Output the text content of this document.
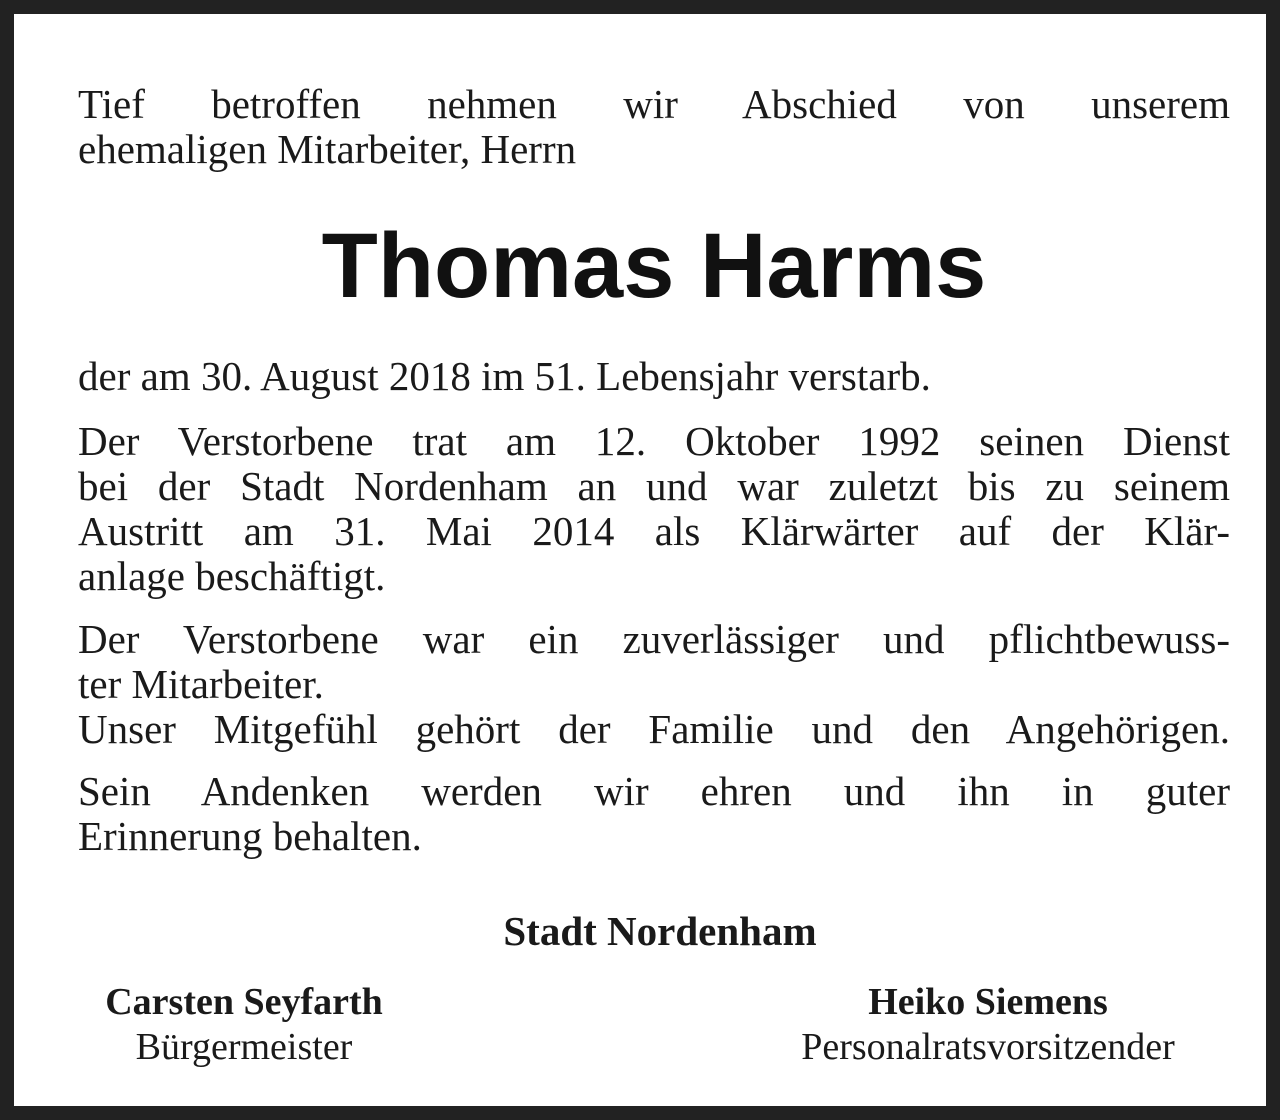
Tief betroffen nehmen wir Abschied von unserem
ehemaligen Mitarbeiter, Herrn
Thomas Harms
der am 30. August 2018 im 51. Lebensjahr verstarb.
Der Verstorbene trat am 12. Oktober 1992 seinen Dienst
bei der Stadt Nordenham an und war zuletzt bis zu seinem
Austritt am 31. Mai 2014 als Klärwärter auf der Klär-
anlage beschäftigt.
Der Verstorbene war ein zuverlässiger und pflichtbewuss-
ter Mitarbeiter.
Unser Mitgefühl gehört der Familie und den Angehörigen.
Sein Andenken werden wir ehren und ihn in guter
Erinnerung behalten.
Stadt Nordenham
Carsten Seyfarth
Bürgermeister
Heiko Siemens
Personalratsvorsitzender
